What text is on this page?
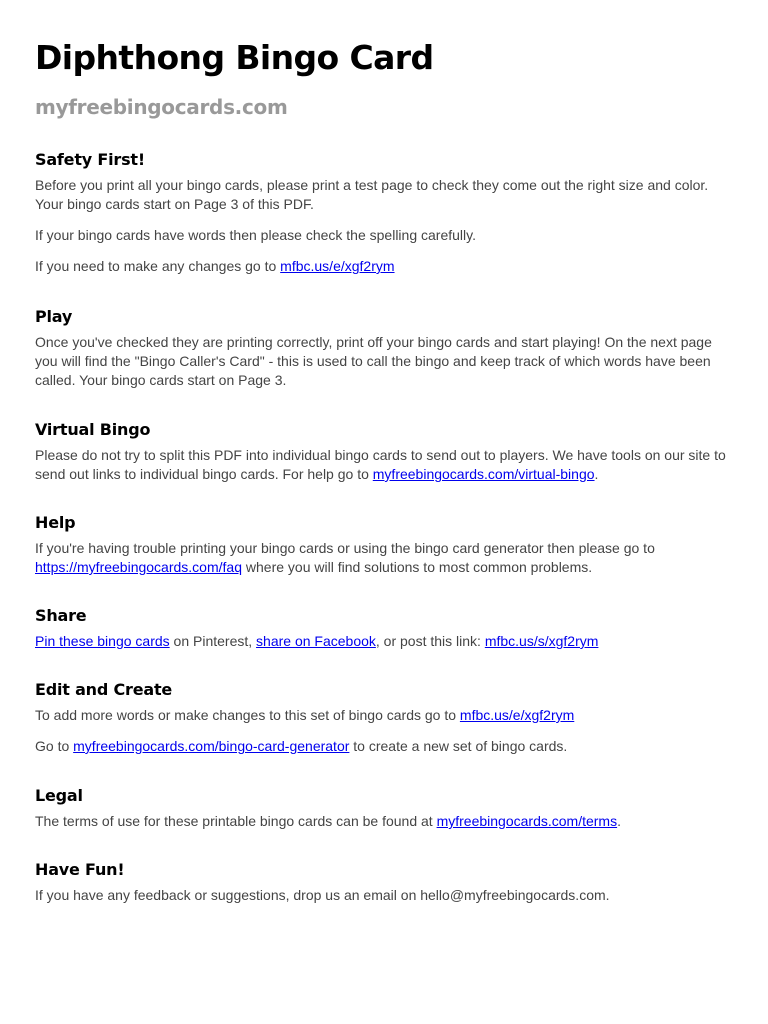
Diphthong Bingo Card
myfreebingocards.com
Safety First!

Before you print all your bingo cards, please print a test page to check they come out the right size and color. Your bingo cards start on Page 3 of this PDF.

If your bingo cards have words then please check the spelling carefully.

If you need to make any changes go to mfbc.us/e/xgf2rym

Play

Once you've checked they are printing correctly, print off your bingo cards and start playing! On the next page you will find the "Bingo Caller's Card" - this is used to call the bingo and keep track of which words have been called. Your bingo cards start on Page 3.

Virtual Bingo

Please do not try to split this PDF into individual bingo cards to send out to players. We have tools on our site to send out links to individual bingo cards. For help go to myfreebingocards.com/virtual-bingo.

Help

If you're having trouble printing your bingo cards or using the bingo card generator then please go to https://myfreebingocards.com/faq where you will find solutions to most common problems.

Share

Pin these bingo cards on Pinterest, share on Facebook, or post this link: mfbc.us/s/xgf2rym

Edit and Create

To add more words or make changes to this set of bingo cards go to mfbc.us/e/xgf2rym

Go to myfreebingocards.com/bingo-card-generator to create a new set of bingo cards.

Legal

The terms of use for these printable bingo cards can be found at myfreebingocards.com/terms.

Have Fun!

If you have any feedback or suggestions, drop us an email on hello@myfreebingocards.com.
